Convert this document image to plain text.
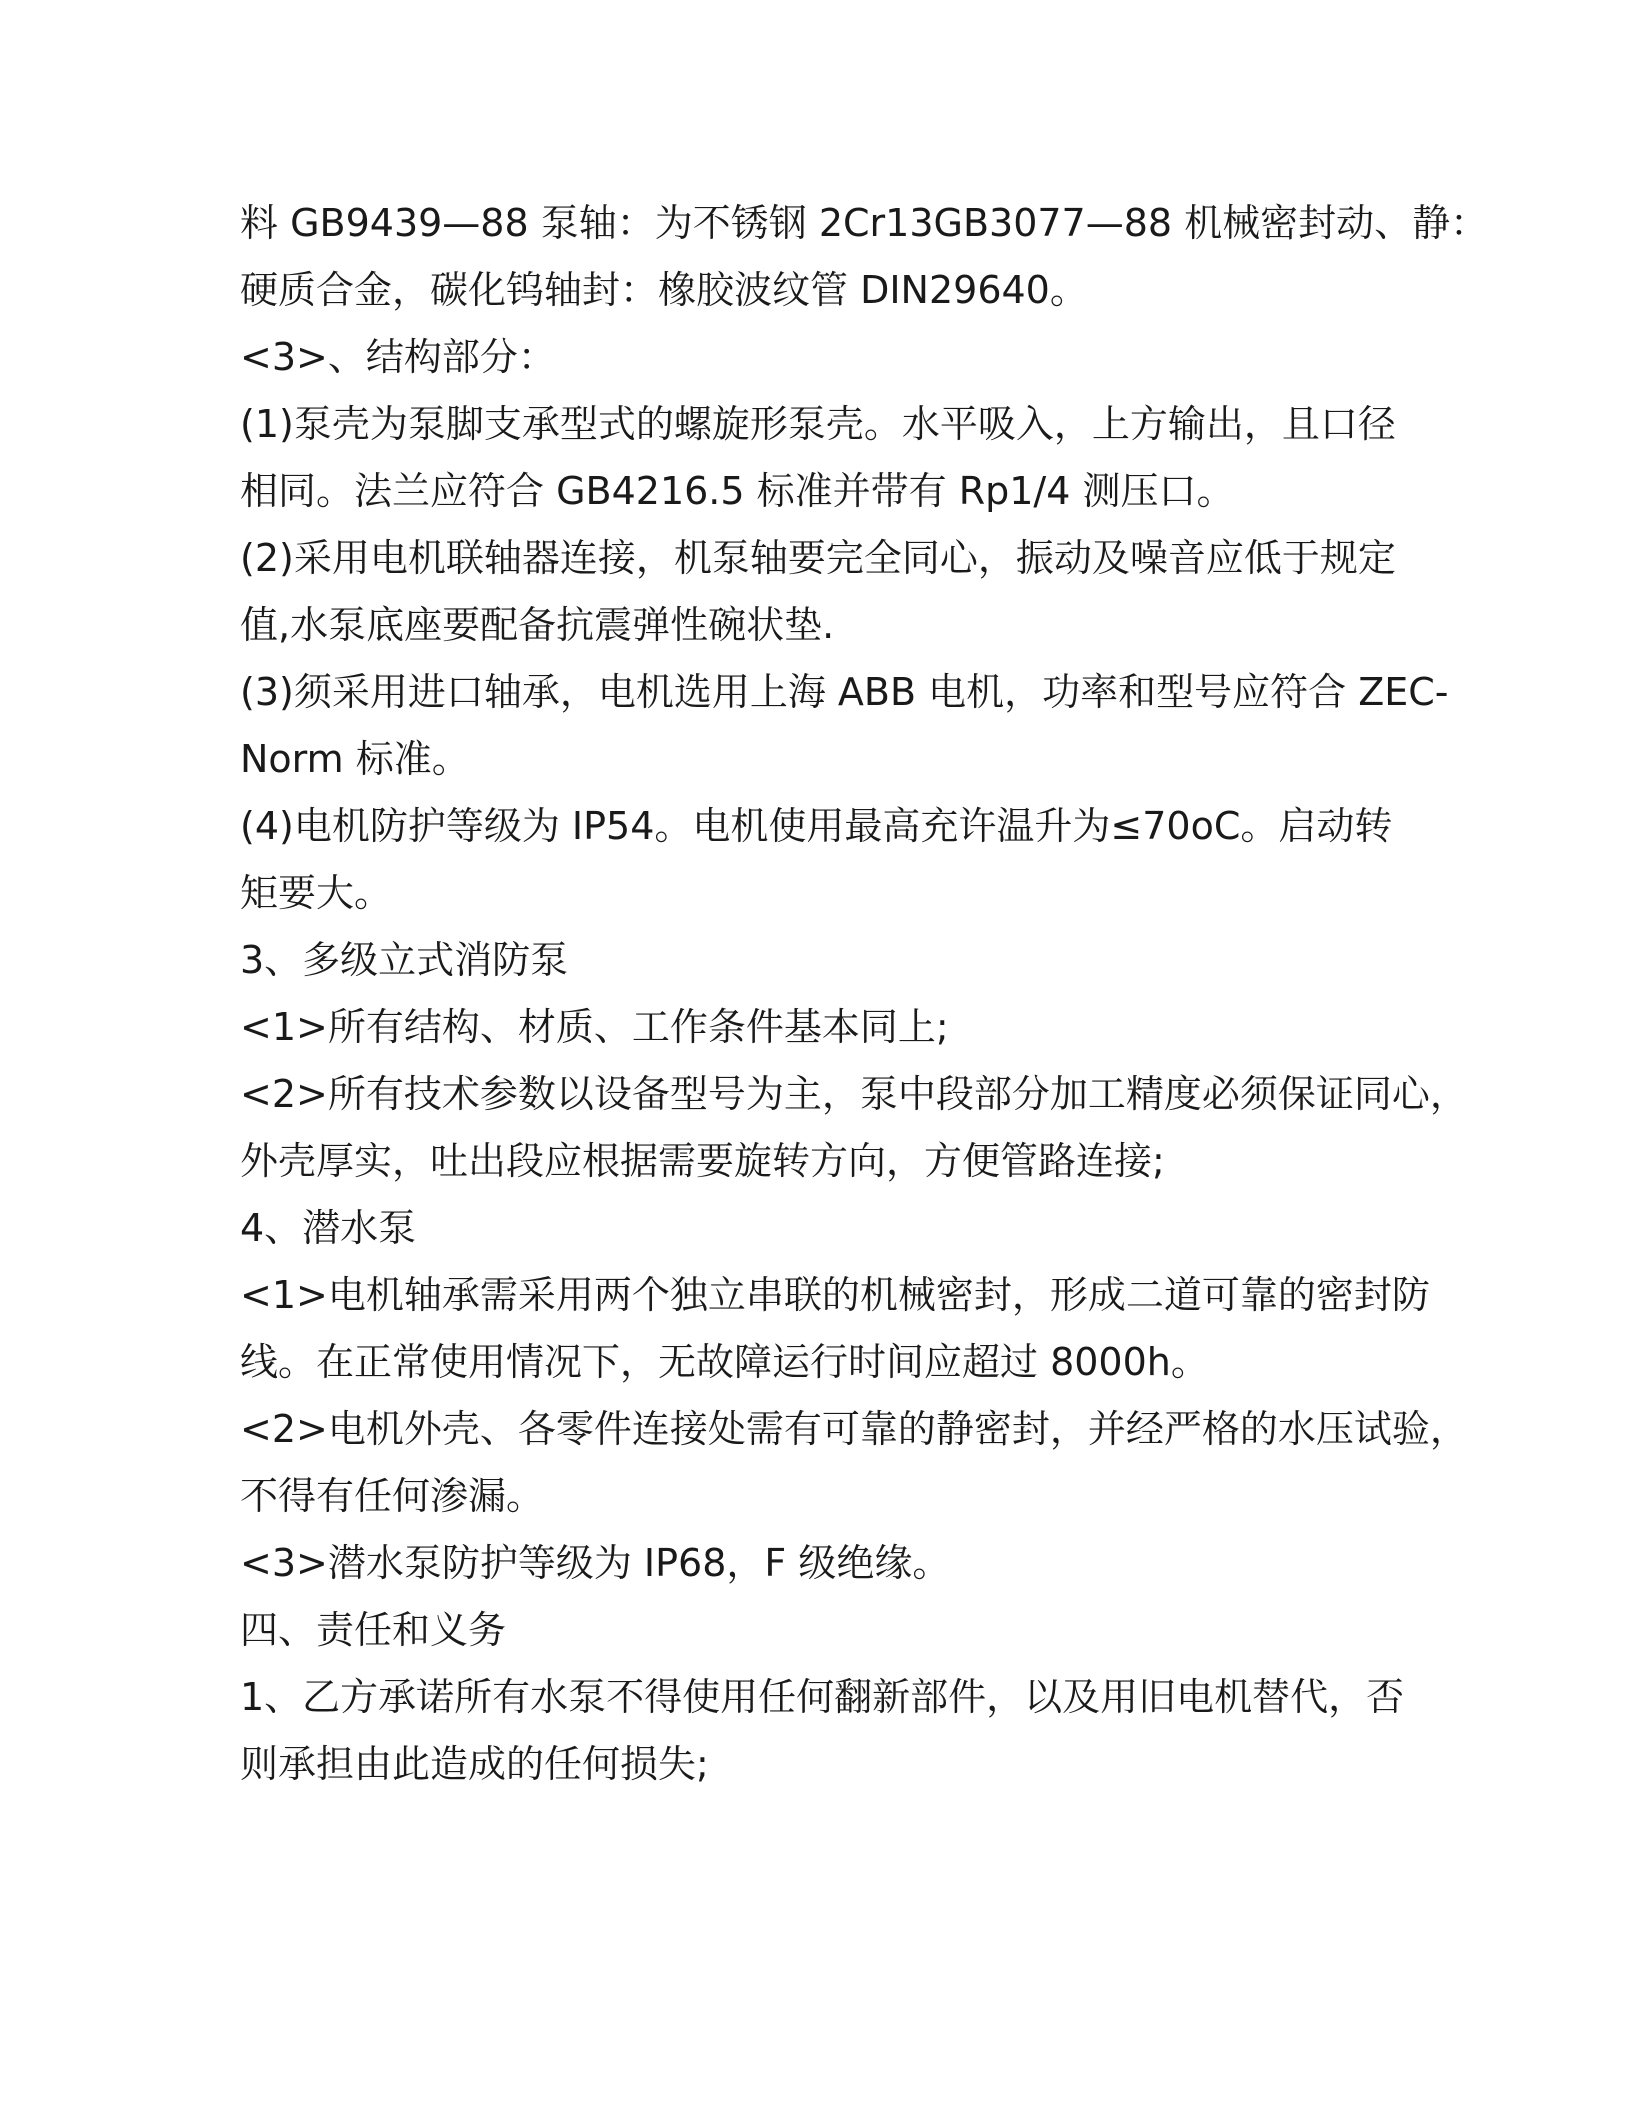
料 GB9439—88 泵轴：为不锈钢 2Cr13GB3077—88 机械密封动、静：
硬质合金，碳化钨轴封：橡胶波纹管 DIN29640。
<3>、结构部分：
(1)泵壳为泵脚支承型式的螺旋形泵壳。水平吸入，上方输出，且口径
相同。法兰应符合 GB4216.5 标准并带有 Rp1/4 测压口。
(2)采用电机联轴器连接，机泵轴要完全同心，振动及噪音应低于规定
值,水泵底座要配备抗震弹性碗状垫.
(3)须采用进口轴承，电机选用上海 ABB 电机，功率和型号应符合 ZEC-
Norm 标准。
(4)电机防护等级为 IP54。电机使用最高充许温升为≤70oC。启动转
矩要大。
3、多级立式消防泵
<1>所有结构、材质、工作条件基本同上;
<2>所有技术参数以设备型号为主，泵中段部分加工精度必须保证同心，
外壳厚实，吐出段应根据需要旋转方向，方便管路连接;
4、潜水泵
<1>电机轴承需采用两个独立串联的机械密封，形成二道可靠的密封防
线。在正常使用情况下，无故障运行时间应超过 8000h。
<2>电机外壳、各零件连接处需有可靠的静密封，并经严格的水压试验，
不得有任何渗漏。
<3>潜水泵防护等级为 IP68，F 级绝缘。
四、责任和义务
1、乙方承诺所有水泵不得使用任何翻新部件，以及用旧电机替代，否
则承担由此造成的任何损失;
